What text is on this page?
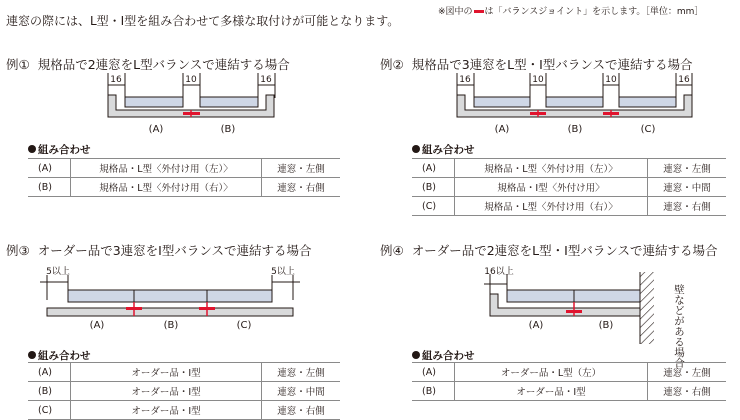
※図中の は「バランスジョイント」を示します。［単位：mm］
連窓の際には、L型・I型を組み合わせて多様な取付けが可能となります。
例① 規格品で2連窓をL型バランスで連結する場合
16	10	16
(A)	(B)
組み合わせ
(A)	規格品・L型〈外付け用（左）〉	連窓・左側
(B)	規格品・L型〈外付け用（右）〉	連窓・右側
例② 規格品で3連窓をL型・I型バランスで連結する場合
16	10	10	16
(A)	(B)	(C)
組み合わせ
(A)	規格品・L型〈外付け用（左）〉	連窓・左側
(B)	規格品・I型〈外付け用〉	連窓・中間
(C)	規格品・L型〈外付け用（右）〉	連窓・右側
例③ オーダー品で3連窓をI型バランスで連結する場合
5以上	5以上
(A)	(B)	(C)
組み合わせ
(A)	オーダー品・I型	連窓・左側
(B)	オーダー品・I型	連窓・中間
(C)	オーダー品・I型	連窓・右側
例④ オーダー品で2連窓をL型・I型バランスで連結する場合
16以上
(A)	(B)	壁などがある場合
組み合わせ
(A)	オーダー品・L型（左）	連窓・左側
(B)	オーダー品・I型	連窓・右側
